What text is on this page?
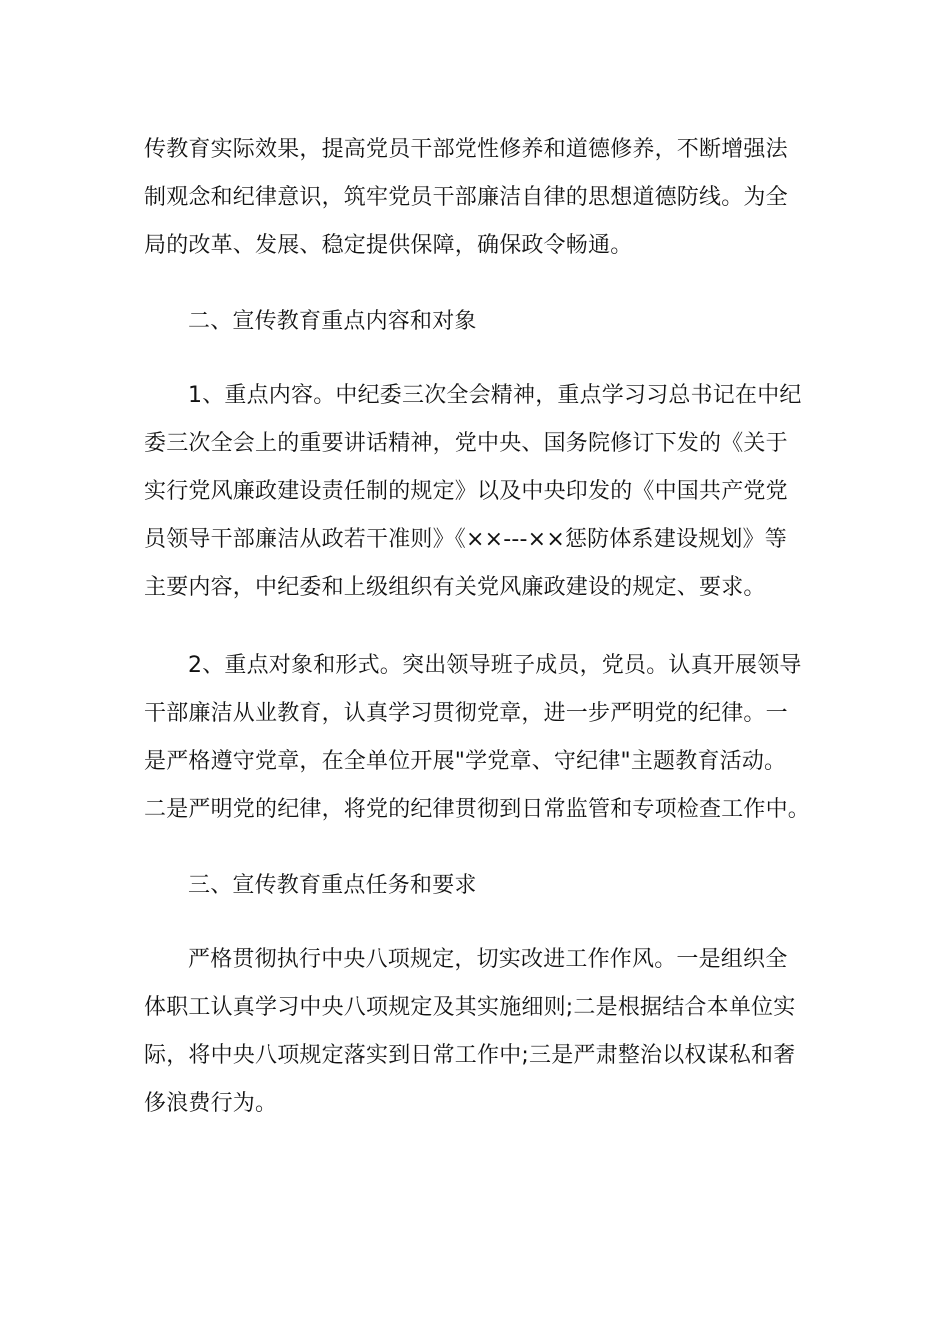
传教育实际效果，提高党员干部党性修养和道德修养，不断增强法
制观念和纪律意识，筑牢党员干部廉洁自律的思想道德防线。为全
局的改革、发展、稳定提供保障，确保政令畅通。
二、宣传教育重点内容和对象
1、重点内容。中纪委三次全会精神，重点学习习总书记在中纪
委三次全会上的重要讲话精神，党中央、国务院修订下发的《关于
实行党风廉政建设责任制的规定》以及中央印发的《中国共产党党
员领导干部廉洁从政若干准则》《××---××惩防体系建设规划》等
主要内容，中纪委和上级组织有关党风廉政建设的规定、要求。
2、重点对象和形式。突出领导班子成员，党员。认真开展领导
干部廉洁从业教育，认真学习贯彻党章，进一步严明党的纪律。一
是严格遵守党章，在全单位开展"学党章、守纪律"主题教育活动。
二是严明党的纪律，将党的纪律贯彻到日常监管和专项检查工作中。
三、宣传教育重点任务和要求
严格贯彻执行中央八项规定，切实改进工作作风。一是组织全
体职工认真学习中央八项规定及其实施细则;二是根据结合本单位实
际，将中央八项规定落实到日常工作中;三是严肃整治以权谋私和奢
侈浪费行为。
